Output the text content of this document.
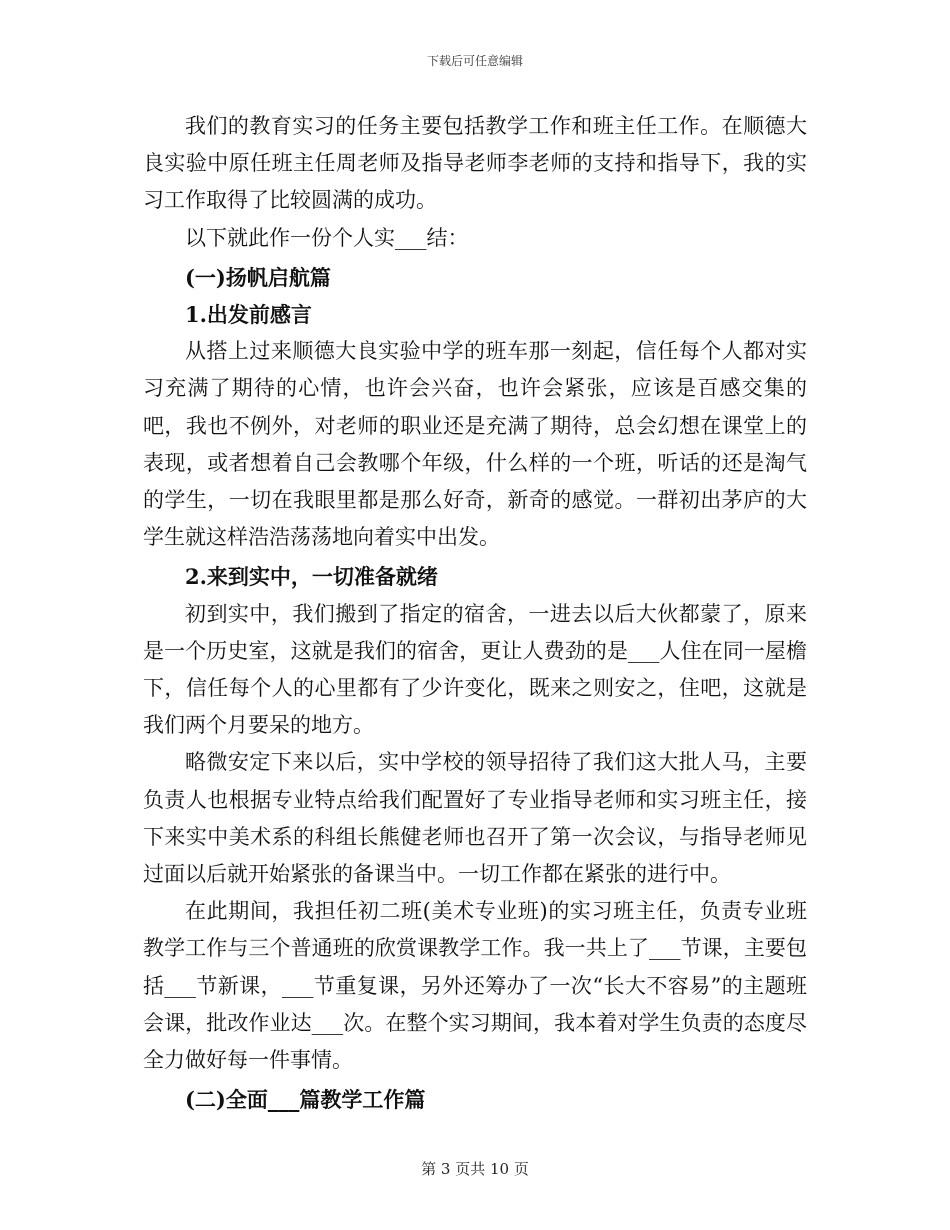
下载后可任意编辑

我们的教育实习的任务主要包括教学工作和班主任工作。在顺德大良实验中原任班主任周老师及指导老师李老师的支持和指导下，我的实习工作取得了比较圆满的成功。

以下就此作一份个人实___结：

(一)扬帆启航篇

1.出发前感言

从搭上过来顺德大良实验中学的班车那一刻起，信任每个人都对实习充满了期待的心情，也许会兴奋，也许会紧张，应该是百感交集的吧，我也不例外，对老师的职业还是充满了期待，总会幻想在课堂上的表现，或者想着自己会教哪个年级，什么样的一个班，听话的还是淘气的学生，一切在我眼里都是那么好奇，新奇的感觉。一群初出茅庐的大学生就这样浩浩荡荡地向着实中出发。

2.来到实中，一切准备就绪

初到实中，我们搬到了指定的宿舍，一进去以后大伙都蒙了，原来是一个历史室，这就是我们的宿舍，更让人费劲的是___人住在同一屋檐下，信任每个人的心里都有了少许变化，既来之则安之，住吧，这就是我们两个月要呆的地方。

略微安定下来以后，实中学校的领导招待了我们这大批人马，主要负责人也根据专业特点给我们配置好了专业指导老师和实习班主任，接下来实中美术系的科组长熊健老师也召开了第一次会议，与指导老师见过面以后就开始紧张的备课当中。一切工作都在紧张的进行中。

在此期间，我担任初二班(美术专业班)的实习班主任，负责专业班教学工作与三个普通班的欣赏课教学工作。我一共上了___节课，主要包括___节新课，___节重复课，另外还筹办了一次“长大不容易”的主题班会课，批改作业达___次。在整个实习期间，我本着对学生负责的态度尽全力做好每一件事情。

(二)全面___篇教学工作篇

第 3 页共 10 页
